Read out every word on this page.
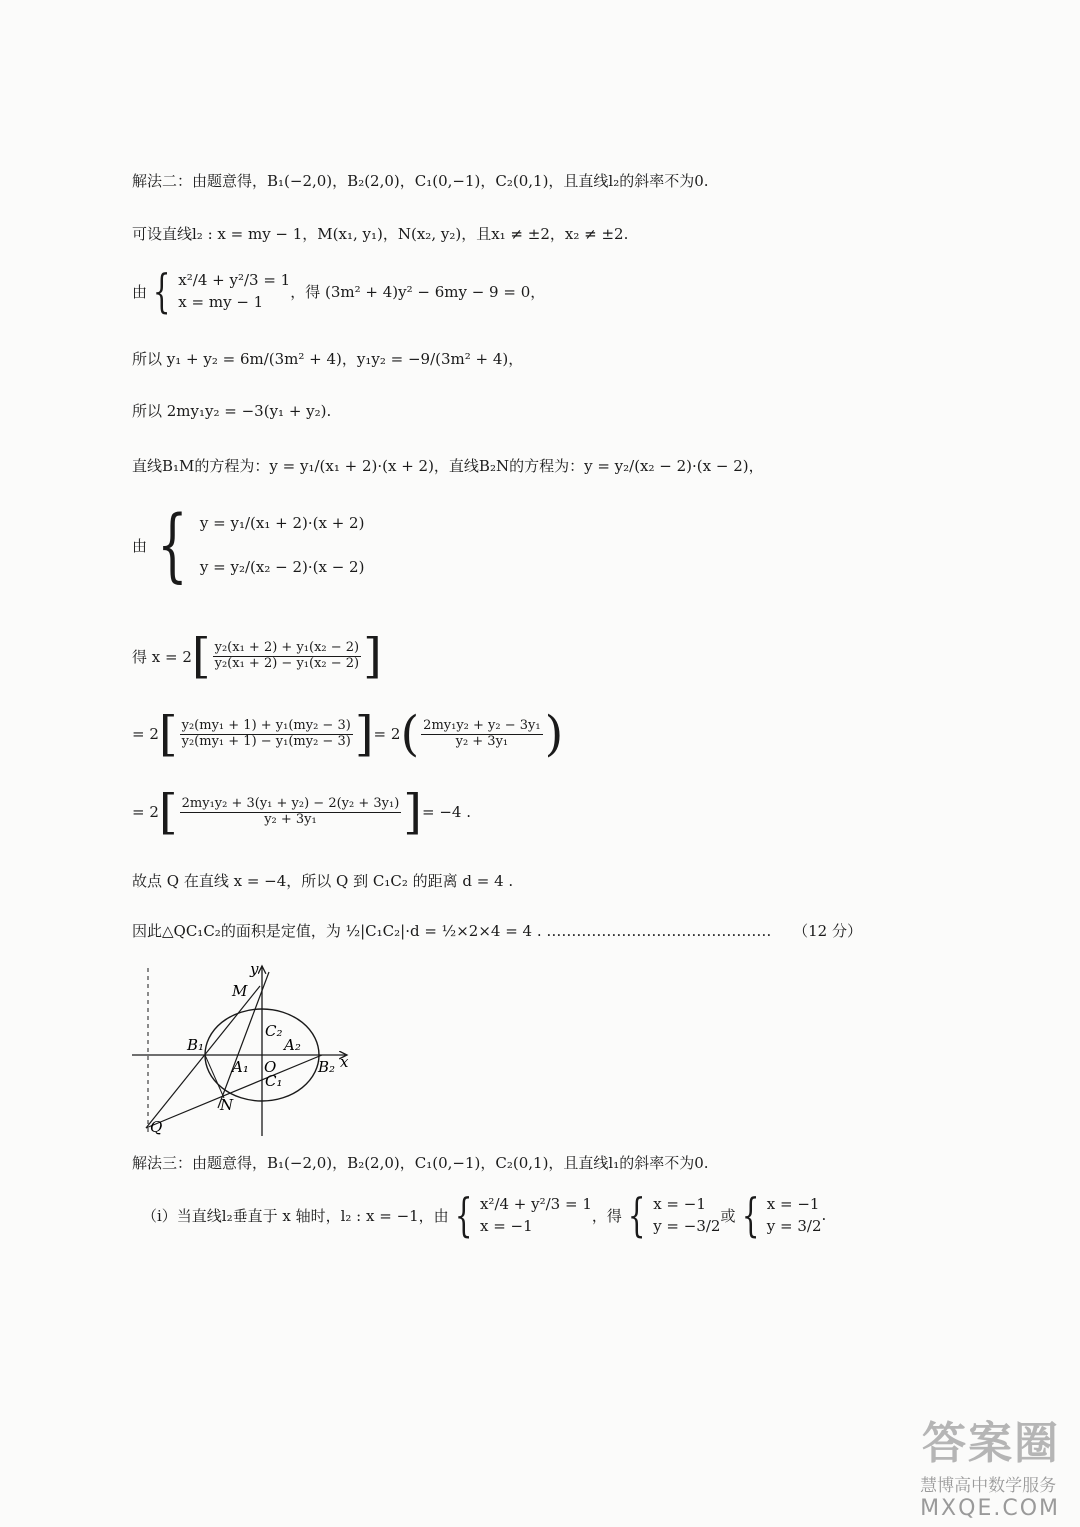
解法二：由题意得，B₁(−2,0)，B₂(2,0)，C₁(0,−1)，C₂(0,1)，且直线l₂的斜率不为0.
可设直线l₂ : x = my − 1，M(x₁, y₁)，N(x₂, y₂)，且x₁ ≠ ±2，x₂ ≠ ±2.
由 { x²/4 + y²/3 = 1
x = my − 1
，得 (3m² + 4)y² − 6my − 9 = 0，
所以 y₁ + y₂ = 6m/(3m² + 4)，y₁y₂ = −9/(3m² + 4)，
所以 2my₁y₂ = −3(y₁ + y₂).
直线B₁M的方程为：y = y₁/(x₁ + 2)·(x + 2)，直线B₂N的方程为：y = y₂/(x₂ − 2)·(x − 2)，
由 { y = y₁/(x₁ + 2)·(x + 2)
y = y₂/(x₂ − 2)·(x − 2)
得 x = 2 [ $\frac{\text{y₂(x₁ + 2) + y₁(x₂ − 2)}}{\text{y₂(x₁ + 2) − y₁(x₂ − 2)}}$ ]
= 2 [ $\frac{\text{y₂(my₁ + 1) + y₁(my₂ − 3)}}{\text{y₂(my₁ + 1) − y₁(my₂ − 3)}}$ ] = 2 ( $\frac{\text{2my₁y₂ + y₂ − 3y₁}}{\text{y₂ + 3y₁}}$ )
= 2 [ $\frac{\text{2my₁y₂ + 3(y₁ + y₂) − 2(y₂ + 3y₁)}}{\text{y₂ + 3y₁}}$ ] = −4 .
故点 Q 在直线 x = −4，所以 Q 到 C₁C₂ 的距离 d = 4 .
因此△QC₁C₂的面积是定值，为 ½|C₁C₂|·d = ½×2×4 = 4 . ……………………………………… （12 分）
y
M
C₂
B₁	A₂
O
A₁	B₂ x
C₁
N
Q
解法三：由题意得，B₁(−2,0)，B₂(2,0)，C₁(0,−1)，C₂(0,1)，且直线l₁的斜率不为0.
（i）当直线l₂垂直于 x 轴时，l₂ : x = −1，由 { x²/4 + y²/3 = 1
x = −1
，得 { x = −1
y = −3/2
或 { x = −1
y = 3/2
.
答案圈
慧博高中数学服务
MXQE.COM
